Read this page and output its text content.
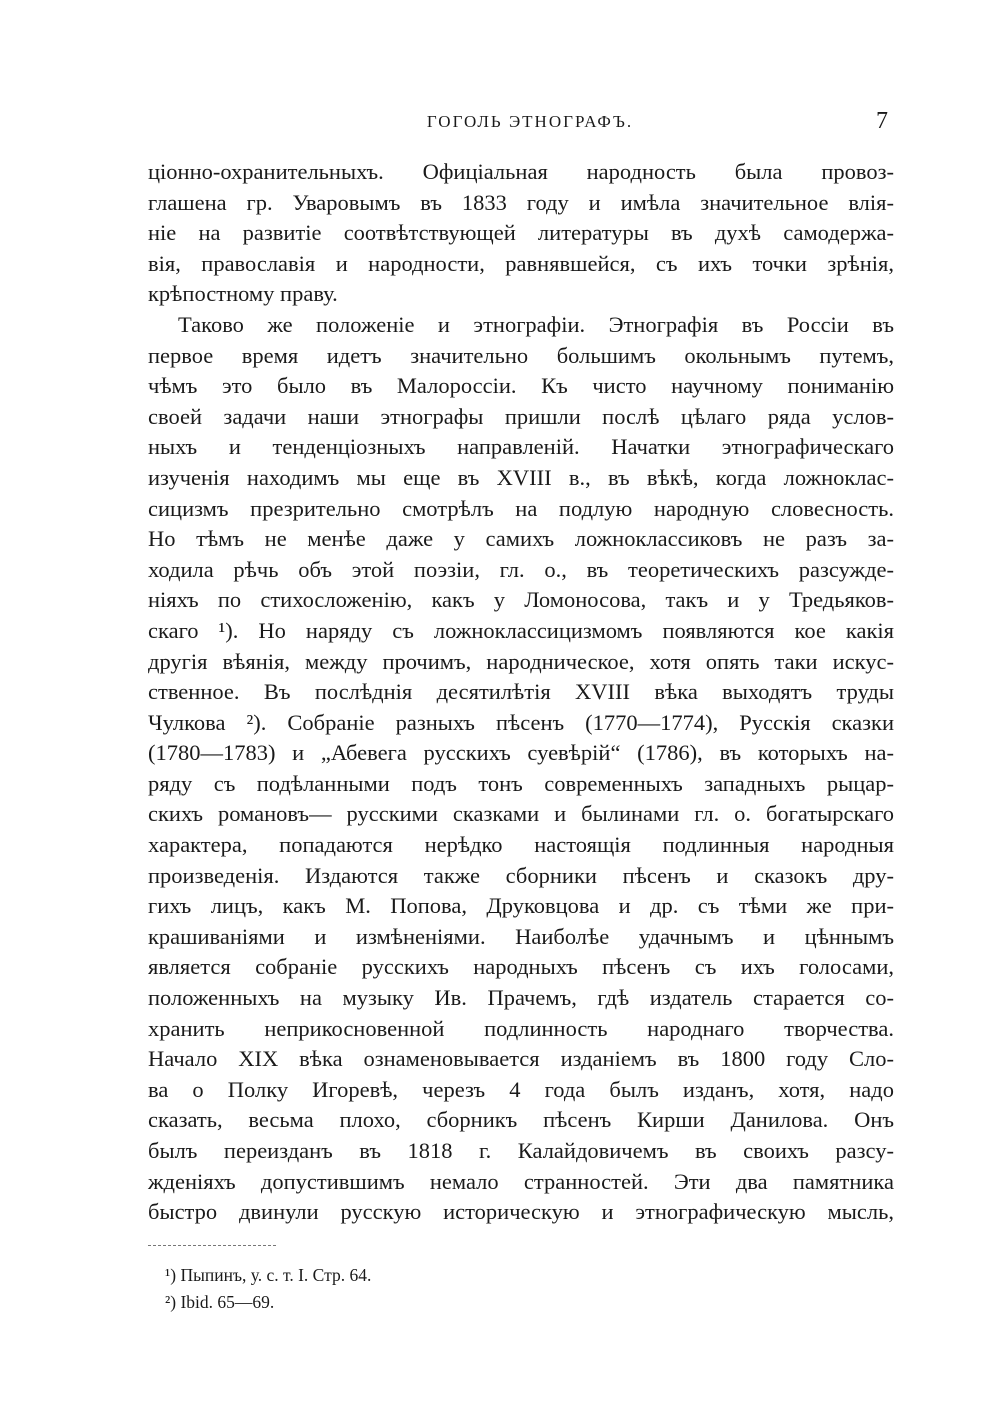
ГОГОЛЬ ЭТНОГРАФЪ.	7
ціонно-охранительныхъ. Офиціальная народность была провоз-
глашена гр. Уваровымъ въ 1833 году и имѣла значительное влія-
ніе на развитіе соотвѣтствующей литературы въ духѣ самодержа-
вія, православія и народности, равнявшейся, съ ихъ точки зрѣнія,
крѣпостному праву.
Таково же положеніе и этнографіи. Этнографія въ Россіи въ
первое время идетъ значительно большимъ окольнымъ путемъ,
чѣмъ это было въ Малороссіи. Къ чисто научному пониманію
своей задачи наши этнографы пришли послѣ цѣлаго ряда услов-
ныхъ и тенденціозныхъ направленій. Начатки этнографическаго
изученія находимъ мы еще въ XVIII в., въ вѣкѣ, когда ложноклас-
сицизмъ презрительно смотрѣлъ на подлую народную словесность.
Но тѣмъ не менѣе даже у самихъ ложноклассиковъ не разъ за-
ходила рѣчь объ этой поэзіи, гл. о., въ теоретическихъ разсужде-
ніяхъ по стихосложенію, какъ у Ломоносова, такъ и у Тредьяков-
скаго ¹). Но наряду съ ложноклассицизмомъ появляются кое какія
другія вѣянія, между прочимъ, народническое, хотя опять таки искус-
ственное. Въ послѣднія десятилѣтія XVIII вѣка выходятъ труды
Чулкова ²). Собраніе разныхъ пѣсенъ (1770—1774), Русскія сказки
(1780—1783) и „Абевега русскихъ суевѣрій“ (1786), въ которыхъ на-
ряду съ подѣланными подъ тонъ современныхъ западныхъ рыцар-
скихъ романовъ— русскими сказками и былинами гл. о. богатырскаго
характера, попадаются нерѣдко настоящія подлинныя народныя
произведенія. Издаются также сборники пѣсенъ и сказокъ дру-
гихъ лицъ, какъ М. Попова, Друковцова и др. съ тѣми же при-
крашиваніями и измѣненіями. Наиболѣе удачнымъ и цѣннымъ
является собраніе русскихъ народныхъ пѣсенъ съ ихъ голосами,
положенныхъ на музыку Ив. Прачемъ, гдѣ издатель старается со-
хранить неприкосновенной подлинность народнаго творчества.
Начало XIX вѣка ознаменовывается изданіемъ въ 1800 году Сло-
ва о Полку Игоревѣ, черезъ 4 года былъ изданъ, хотя, надо
сказать, весьма плохо, сборникъ пѣсенъ Кирши Данилова. Онъ
былъ переизданъ въ 1818 г. Калайдовичемъ въ своихъ разсу-
жденіяхъ допустившимъ немало странностей. Эти два памятника
быстро двинули русскую историческую и этнографическую мысль,
¹) Пыпинъ, у. с. т. I. Стр. 64.
²) Ibid. 65—69.
